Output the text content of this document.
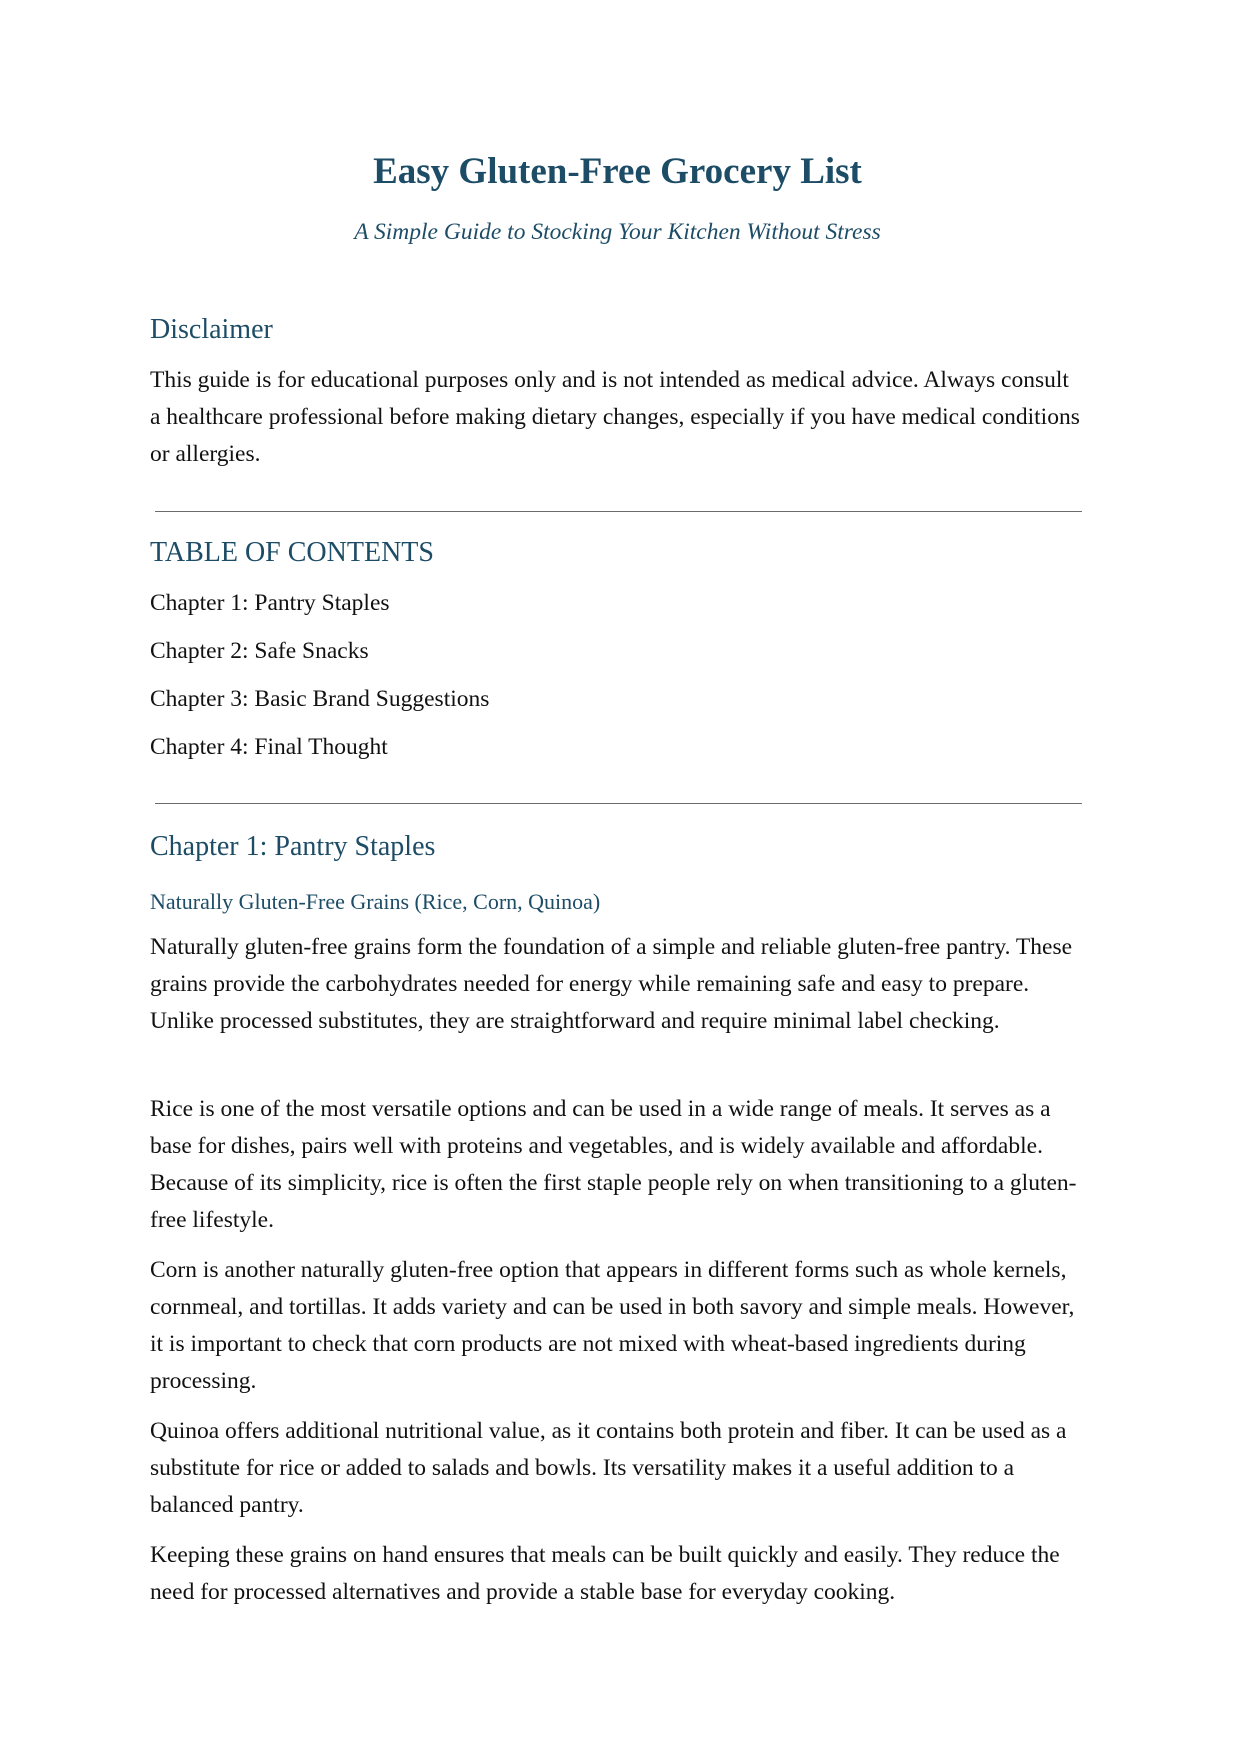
Easy Gluten-Free Grocery List

A Simple Guide to Stocking Your Kitchen Without Stress

Disclaimer

This guide is for educational purposes only and is not intended as medical advice. Always consult a healthcare professional before making dietary changes, especially if you have medical conditions or allergies.

TABLE OF CONTENTS
Chapter 1: Pantry Staples
Chapter 2: Safe Snacks
Chapter 3: Basic Brand Suggestions
Chapter 4: Final Thought
Chapter 1: Pantry Staples
Naturally Gluten-Free Grains (Rice, Corn, Quinoa)

Naturally gluten-free grains form the foundation of a simple and reliable gluten-free pantry. These grains provide the carbohydrates needed for energy while remaining safe and easy to prepare. Unlike processed substitutes, they are straightforward and require minimal label checking.

Rice is one of the most versatile options and can be used in a wide range of meals. It serves as a base for dishes, pairs well with proteins and vegetables, and is widely available and affordable. Because of its simplicity, rice is often the first staple people rely on when transitioning to a gluten-free lifestyle.

Corn is another naturally gluten-free option that appears in different forms such as whole kernels, cornmeal, and tortillas. It adds variety and can be used in both savory and simple meals. However, it is important to check that corn products are not mixed with wheat-based ingredients during processing.

Quinoa offers additional nutritional value, as it contains both protein and fiber. It can be used as a substitute for rice or added to salads and bowls. Its versatility makes it a useful addition to a balanced pantry.

Keeping these grains on hand ensures that meals can be built quickly and easily. They reduce the need for processed alternatives and provide a stable base for everyday cooking.
